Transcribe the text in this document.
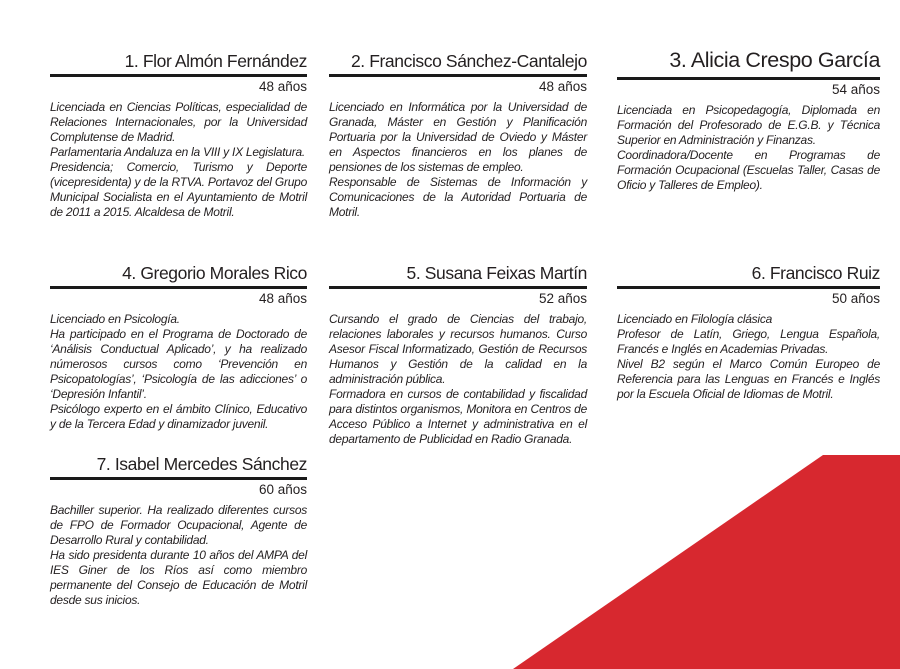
1. Flor Almón Fernández
48 años

Licenciada en Ciencias Políticas, especialidad de Relaciones Internacionales, por la Universidad Complutense de Madrid.

Parlamentaria Andaluza en la VIII y IX Legislatura.

Presidencia; Comercio, Turismo y Deporte (vicepresidenta) y de la RTVA. Portavoz del Grupo Municipal Socialista en el Ayuntamiento de Motril de 2011 a 2015. Alcaldesa de Motril.

2. Francisco Sánchez-Cantalejo
48 años

Licenciado en Informática por la Universidad de Granada, Máster en Gestión y Planificación Portuaria por la Universidad de Oviedo y Máster en Aspectos financieros en los planes de pensiones de los sistemas de empleo.

Responsable de Sistemas de Información y Comunicaciones de la Autoridad Portuaria de Motril.

3. Alicia Crespo García
54 años

Licenciada en Psicopedagogía, Diplomada en Formación del Profesorado de E.G.B. y Técnica Superior en Administración y Finanzas.

Coordinadora/Docente en Programas de Formación Ocupacional (Escuelas Taller, Casas de Oficio y Talleres de Empleo).

4. Gregorio Morales Rico
48 años

Licenciado en Psicología.

Ha participado en el Programa de Doctorado de ‘Análisis Conductual Aplicado’, y ha realizado númerosos cursos como ‘Prevención en Psicopatologías’, ‘Psicología de las adicciones’ o ‘Depresión Infantil’.

Psicólogo experto en el ámbito Clínico, Educativo y de la Tercera Edad y dinamizador juvenil.

5. Susana Feixas Martín
52 años

Cursando el grado de Ciencias del trabajo, relaciones laborales y recursos humanos. Curso Asesor Fiscal Informatizado, Gestión de Recursos Humanos y Gestión de la calidad en la administración pública.

Formadora en cursos de contabilidad y fiscalidad para distintos organismos, Monitora en Centros de Acceso Público a Internet y administrativa en el departamento de Publicidad en Radio Granada.

6. Francisco Ruiz
50 años

Licenciado en Filología clásica

Profesor de Latín, Griego, Lengua Española, Francés e Inglés en Academias Privadas.

Nivel B2 según el Marco Común Europeo de Referencia para las Lenguas en Francés e Inglés por la Escuela Oficial de Idiomas de Motril.

7. Isabel Mercedes Sánchez
60 años

Bachiller superior. Ha realizado diferentes cursos de FPO de Formador Ocupacional, Agente de Desarrollo Rural y contabilidad.

Ha sido presidenta durante 10 años del AMPA del IES Giner de los Ríos así como miembro permanente del Consejo de Educación de Motril desde sus inicios.
